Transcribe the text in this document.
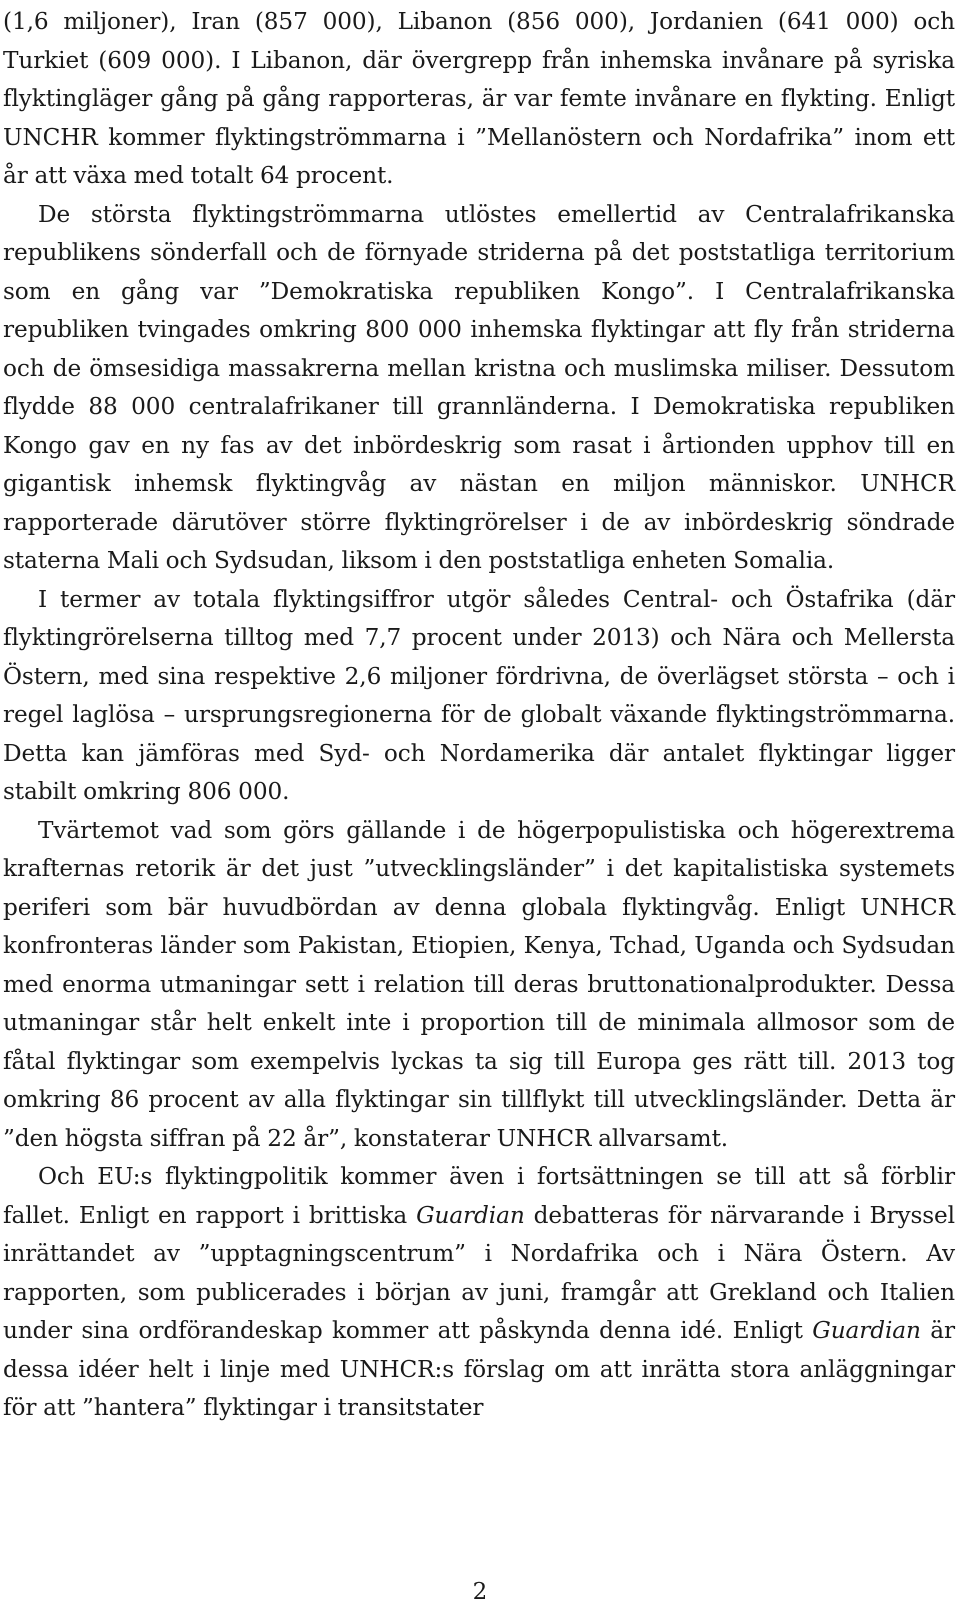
(1,6 miljoner), Iran (857 000), Libanon (856 000), Jordanien (641 000) och Turkiet (609 000). I Libanon, där övergrepp från inhemska invånare på syriska flyktingläger gång på gång rapporteras, är var femte invånare en flykting. Enligt UNCHR kommer flyktingströmmarna i ”Mellanöstern och Nordafrika” inom ett år att växa med totalt 64 procent.

De största flyktingströmmarna utlöstes emellertid av Centralafrikanska republikens sönderfall och de förnyade striderna på det poststatliga territorium som en gång var ”Demokratiska republiken Kongo”. I Centralafrikanska republiken tvingades omkring 800 000 inhemska flyktingar att fly från striderna och de ömsesidiga massakrerna mellan kristna och muslimska miliser. Dessutom flydde 88 000 centralafrikaner till grannländerna. I Demokratiska republiken Kongo gav en ny fas av det inbördeskrig som rasat i årtionden upphov till en gigantisk inhemsk flyktingvåg av nästan en miljon människor. UNHCR rapporterade därutöver större flyktingrörelser i de av inbördeskrig söndrade staterna Mali och Sydsudan, liksom i den poststatliga enheten Somalia.

I termer av totala flyktingsiffror utgör således Central- och Östafrika (där flyktingrörelserna tilltog med 7,7 procent under 2013) och Nära och Mellersta Östern, med sina respektive 2,6 miljoner fördrivna, de överlägset största – och i regel laglösa – ursprungsregionerna för de globalt växande flyktingströmmarna. Detta kan jämföras med Syd- och Nordamerika där antalet flyktingar ligger stabilt omkring 806 000.

Tvärtemot vad som görs gällande i de högerpopulistiska och högerextrema krafternas retorik är det just ”utvecklingsländer” i det kapitalistiska systemets periferi som bär huvudbördan av denna globala flyktingvåg. Enligt UNHCR konfronteras länder som Pakistan, Etiopien, Kenya, Tchad, Uganda och Sydsudan med enorma utmaningar sett i relation till deras bruttonationalprodukter. Dessa utmaningar står helt enkelt inte i proportion till de minimala allmosor som de fåtal flyktingar som exempelvis lyckas ta sig till Europa ges rätt till. 2013 tog omkring 86 procent av alla flyktingar sin tillflykt till utvecklingsländer. Detta är ”den högsta siffran på 22 år”, konstaterar UNHCR allvarsamt.

Och EU:s flyktingpolitik kommer även i fortsättningen se till att så förblir fallet. Enligt en rapport i brittiska Guardian debatteras för närvarande i Bryssel inrättandet av ”upptagningscentrum” i Nordafrika och i Nära Östern. Av rapporten, som publicerades i början av juni, framgår att Grekland och Italien under sina ordförandeskap kommer att påskynda denna idé. Enligt Guardian är dessa idéer helt i linje med UNHCR:s förslag om att inrätta stora anläggningar för att ”hantera” flyktingar i transitstater

2
